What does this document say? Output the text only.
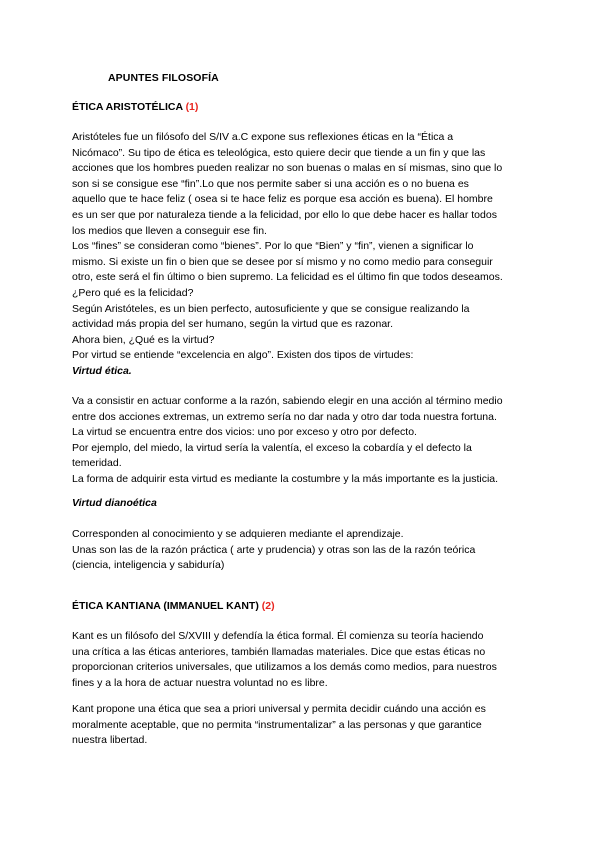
APUNTES FILOSOFÍA
ÉTICA ARISTOTÉLICA (1)

Aristóteles fue un filósofo del S/IV a.C expone sus reflexiones éticas en la “Ética a

Nicómaco”. Su tipo de ética es teleológica, esto quiere decir que tiende a un fin y que las

acciones que los hombres pueden realizar no son buenas o malas en sí mismas, sino que lo

son si se consigue ese “fin”.Lo que nos permite saber si una acción es o no buena es

aquello que te hace feliz ( osea si te hace feliz es porque esa acción es buena). El hombre

es un ser que por naturaleza tiende a la felicidad, por ello lo que debe hacer es hallar todos

los medios que lleven a conseguir ese fin.

Los “fines” se consideran como “bienes”. Por lo que “Bien” y “fin”, vienen a significar lo

mismo. Si existe un fin o bien que se desee por sí mismo y no como medio para conseguir

otro, este será el fin último o bien supremo. La felicidad es el último fin que todos deseamos.

¿Pero qué es la felicidad?

Según Aristóteles, es un bien perfecto, autosuficiente y que se consigue realizando la

actividad más propia del ser humano, según la virtud que es razonar.

Ahora bien, ¿Qué es la virtud?

Por virtud se entiende “excelencia en algo”. Existen dos tipos de virtudes:

Virtud ética.

Va a consistir en actuar conforme a la razón, sabiendo elegir en una acción al término medio

entre dos acciones extremas, un extremo sería no dar nada y otro dar toda nuestra fortuna.

La virtud se encuentra entre dos vicios: uno por exceso y otro por defecto.

Por ejemplo, del miedo, la virtud sería la valentía, el exceso la cobardía y el defecto la

temeridad.

La forma de adquirir esta virtud es mediante la costumbre y la más importante es la justicia.

Virtud dianoética

Corresponden al conocimiento y se adquieren mediante el aprendizaje.

Unas son las de la razón práctica ( arte y prudencia) y otras son las de la razón teórica

(ciencia, inteligencia y sabiduría)

ÉTICA KANTIANA (IMMANUEL KANT) (2)

Kant es un filósofo del S/XVIII y defendía la ética formal. Él comienza su teoría haciendo

una crítica a las éticas anteriores, también llamadas materiales. Dice que estas éticas no

proporcionan criterios universales, que utilizamos a los demás como medios, para nuestros

fines y a la hora de actuar nuestra voluntad no es libre.

Kant propone una ética que sea a priori universal y permita decidir cuándo una acción es

moralmente aceptable, que no permita “instrumentalizar” a las personas y que garantice

nuestra libertad.
